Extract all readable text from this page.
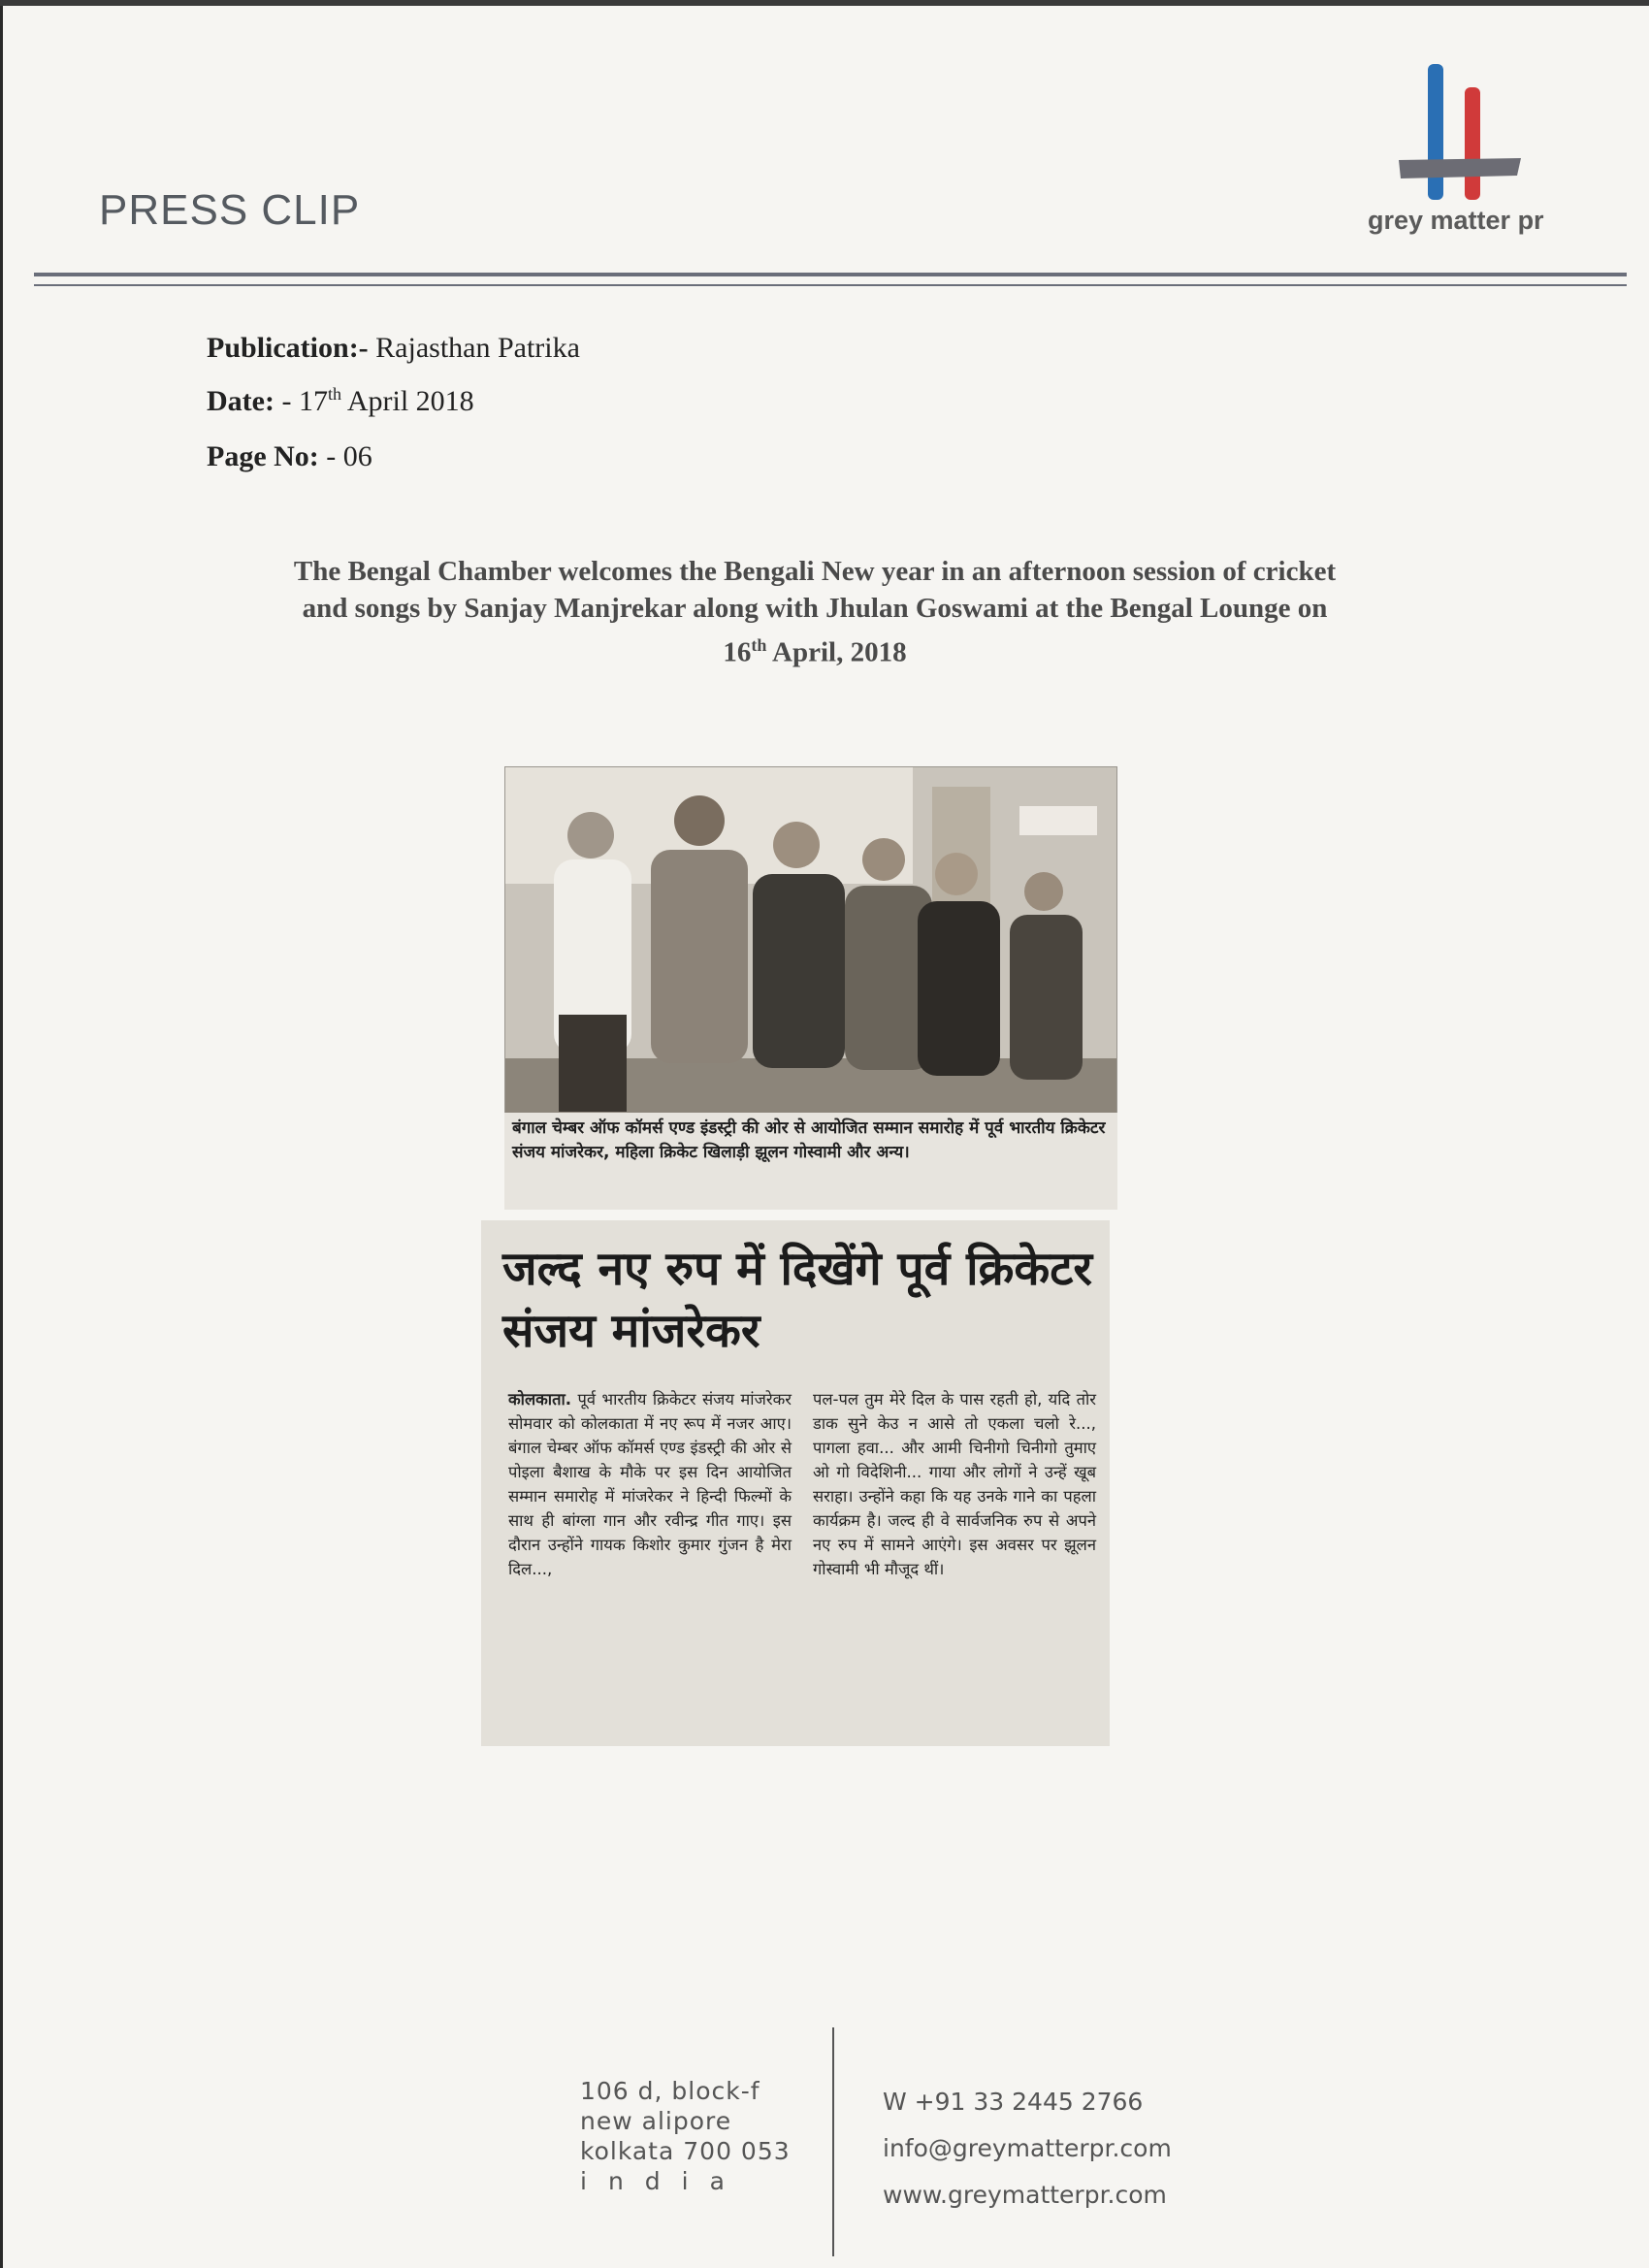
PRESS CLIP	grey matter pr
Publication:- Rajasthan Patrika
Date: - 17th April 2018
Page No: - 06
The Bengal Chamber welcomes the Bengali New year in an afternoon session of cricket
and songs by Sanjay Manjrekar along with Jhulan Goswami at the Bengal Lounge on
16th April, 2018
बंगाल चेम्बर ऑफ कॉमर्स एण्ड इंडस्ट्री की ओर से आयोजित सम्मान समारोह में पूर्व भारतीय क्रिकेटर संजय मांजरेकर, महिला क्रिकेट खिलाड़ी झूलन गोस्वामी और अन्य।
जल्द नए रुप में दिखेंगे पूर्व क्रिकेटर संजय मांजरेकर
कोलकाता. पूर्व भारतीय क्रिकेटर संजय मांजरेकर सोमवार को कोलकाता में नए रूप में नजर आए। बंगाल चेम्बर ऑफ कॉमर्स एण्ड इंडस्ट्री की ओर से पोइला बैशाख के मौके पर इस दिन आयोजित सम्मान समारोह में मांजरेकर ने हिन्दी फिल्मों के साथ ही बांग्ला गान और रवीन्द्र गीत गाए। इस दौरान उन्होंने गायक किशोर कुमार गुंजन है मेरा दिल...,
पल-पल तुम मेरे दिल के पास रहती हो, यदि तोर डाक सुने केउ न आसे तो एकला चलो रे..., पागला हवा... और आमी चिनीगो चिनीगो तुमाए ओ गो विदेशिनी... गाया और लोगों ने उन्हें खूब सराहा। उन्होंने कहा कि यह उनके गाने का पहला कार्यक्रम है। जल्द ही वे सार्वजनिक रुप से अपने नए रुप में सामने आएंगे। इस अवसर पर झूलन गोस्वामी भी मौजूद थीं।
106 d, block-f
new alipore
kolkata 700 053
india
W +91 33 2445 2766
info@greymatterpr.com
www.greymatterpr.com
